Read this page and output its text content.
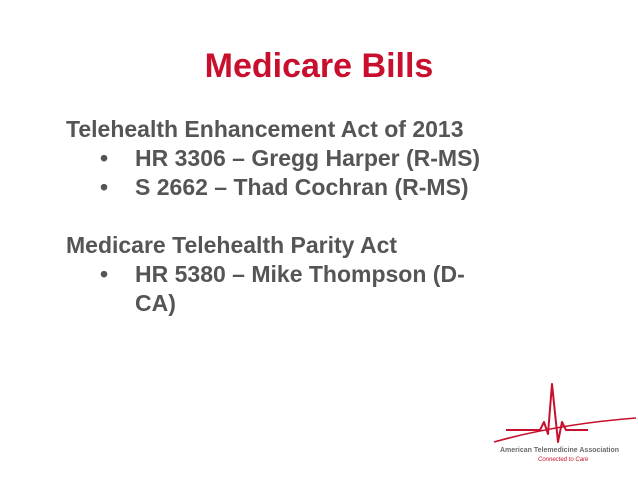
Medicare Bills

Telehealth Enhancement Act of 2013

• HR 3306 – Gregg Harper (R-MS)
• S 2662 – Thad Cochran (R-MS)

Medicare Telehealth Parity Act

• HR 5380 – Mike Thompson (D-
CA)
American Telemedicine Association
Connected to Care
